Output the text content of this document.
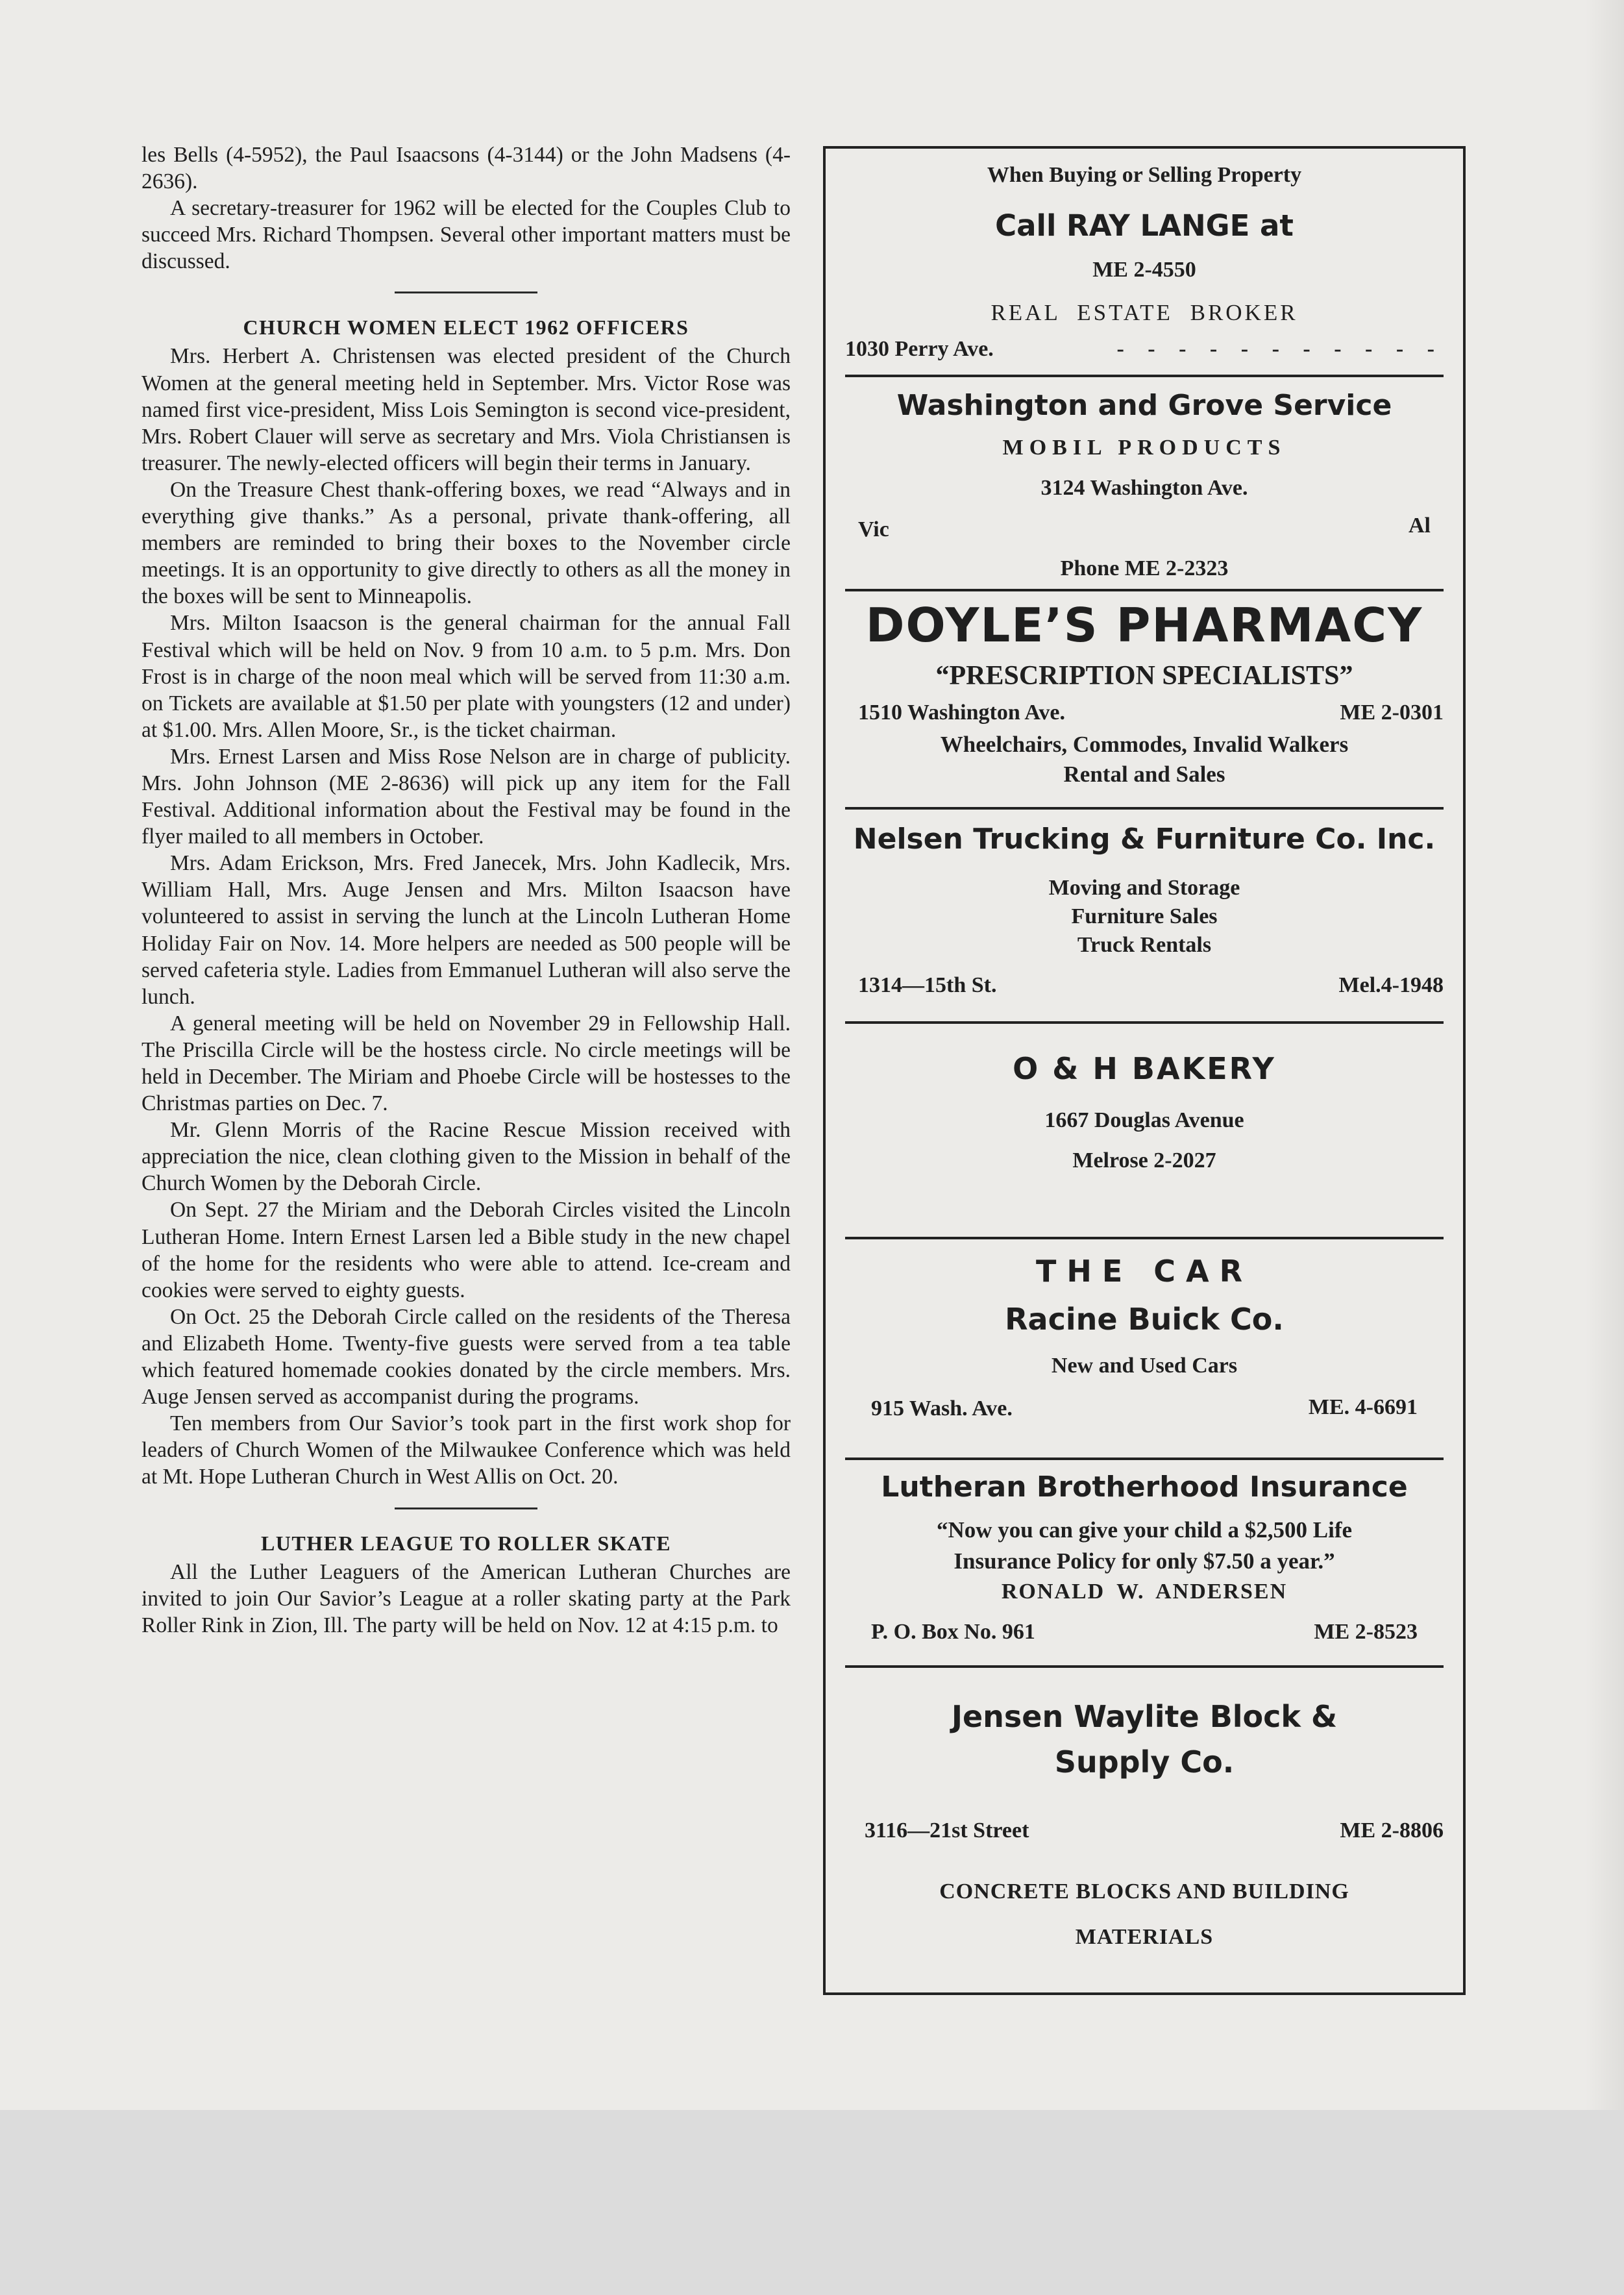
les Bells (4-5952), the Paul Isaacsons (4-3144) or the John Madsens (4-2636).

A secretary-treasurer for 1962 will be elected for the Couples Club to succeed Mrs. Richard Thompsen. Several other important matters must be discussed.

CHURCH WOMEN ELECT 1962 OFFICERS

Mrs. Herbert A. Christensen was elected president of the Church Women at the general meeting held in September. Mrs. Victor Rose was named first vice-president, Miss Lois Semington is second vice-president, Mrs. Robert Clauer will serve as secretary and Mrs. Viola Christiansen is treasurer. The newly-elected officers will begin their terms in January.

On the Treasure Chest thank-offering boxes, we read “Always and in everything give thanks.” As a personal, private thank-offering, all members are reminded to bring their boxes to the November circle meetings. It is an opportunity to give directly to others as all the money in the boxes will be sent to Minneapolis.

Mrs. Milton Isaacson is the general chairman for the annual Fall Festival which will be held on Nov. 9 from 10 a.m. to 5 p.m. Mrs. Don Frost is in charge of the noon meal which will be served from 11:30 a.m. on Tickets are available at $1.50 per plate with youngsters (12 and under) at $1.00. Mrs. Allen Moore, Sr., is the ticket chairman.

Mrs. Ernest Larsen and Miss Rose Nelson are in charge of publicity. Mrs. John Johnson (ME 2-8636) will pick up any item for the Fall Festival. Additional information about the Festival may be found in the flyer mailed to all members in October.

Mrs. Adam Erickson, Mrs. Fred Janecek, Mrs. John Kadlecik, Mrs. William Hall, Mrs. Auge Jensen and Mrs. Milton Isaacson have volunteered to assist in serving the lunch at the Lincoln Lutheran Home Holiday Fair on Nov. 14. More helpers are needed as 500 people will be served cafeteria style. Ladies from Emmanuel Lutheran will also serve the lunch.

A general meeting will be held on November 29 in Fellowship Hall. The Priscilla Circle will be the hostess circle. No circle meetings will be held in December. The Miriam and Phoebe Circle will be hostesses to the Christmas parties on Dec. 7.

Mr. Glenn Morris of the Racine Rescue Mission received with appreciation the nice, clean clothing given to the Mission in behalf of the Church Women by the Deborah Circle.

On Sept. 27 the Miriam and the Deborah Circles visited the Lincoln Lutheran Home. Intern Ernest Larsen led a Bible study in the new chapel of the home for the residents who were able to attend. Ice-cream and cookies were served to eighty guests.

On Oct. 25 the Deborah Circle called on the residents of the Theresa and Elizabeth Home. Twenty-five guests were served from a tea table which featured homemade cookies donated by the circle members. Mrs. Auge Jensen served as accompanist during the programs.

Ten members from Our Savior’s took part in the first work shop for leaders of Church Women of the Milwaukee Conference which was held at Mt. Hope Lutheran Church in West Allis on Oct. 20.

LUTHER LEAGUE TO ROLLER SKATE

All the Luther Leaguers of the American Lutheran Churches are invited to join Our Savior’s League at a roller skating party at the Park Roller Rink in Zion, Ill. The party will be held on Nov. 12 at 4:15 p.m. to

When Buying or Selling Property
Call RAY LANGE at
ME 2-4550
REAL ESTATE BROKER
1030 Perry Ave.	- - - - - - - - - - -
Washington and Grove Service
MOBIL PRODUCTS
3124 Washington Ave.
Vic	Al
Phone ME 2-2323
DOYLE’S PHARMACY
“PRESCRIPTION SPECIALISTS”
1510 Washington Ave.	ME 2-0301
Wheelchairs, Commodes, Invalid Walkers
Rental and Sales
Nelsen Trucking & Furniture Co. Inc.
Moving and Storage
Furniture Sales
Truck Rentals
1314—15th St.	Mel.4-1948
O & H BAKERY
1667 Douglas Avenue
Melrose 2-2027
THE CAR
Racine Buick Co.
New and Used Cars
915 Wash. Ave.	ME. 4-6691
Lutheran Brotherhood Insurance
“Now you can give your child a $2,500 Life
Insurance Policy for only $7.50 a year.”
RONALD W. ANDERSEN
P. O. Box No. 961	ME 2-8523
Jensen Waylite Block &
Supply Co.
3116—21st Street	ME 2-8806
CONCRETE BLOCKS AND BUILDING
MATERIALS
